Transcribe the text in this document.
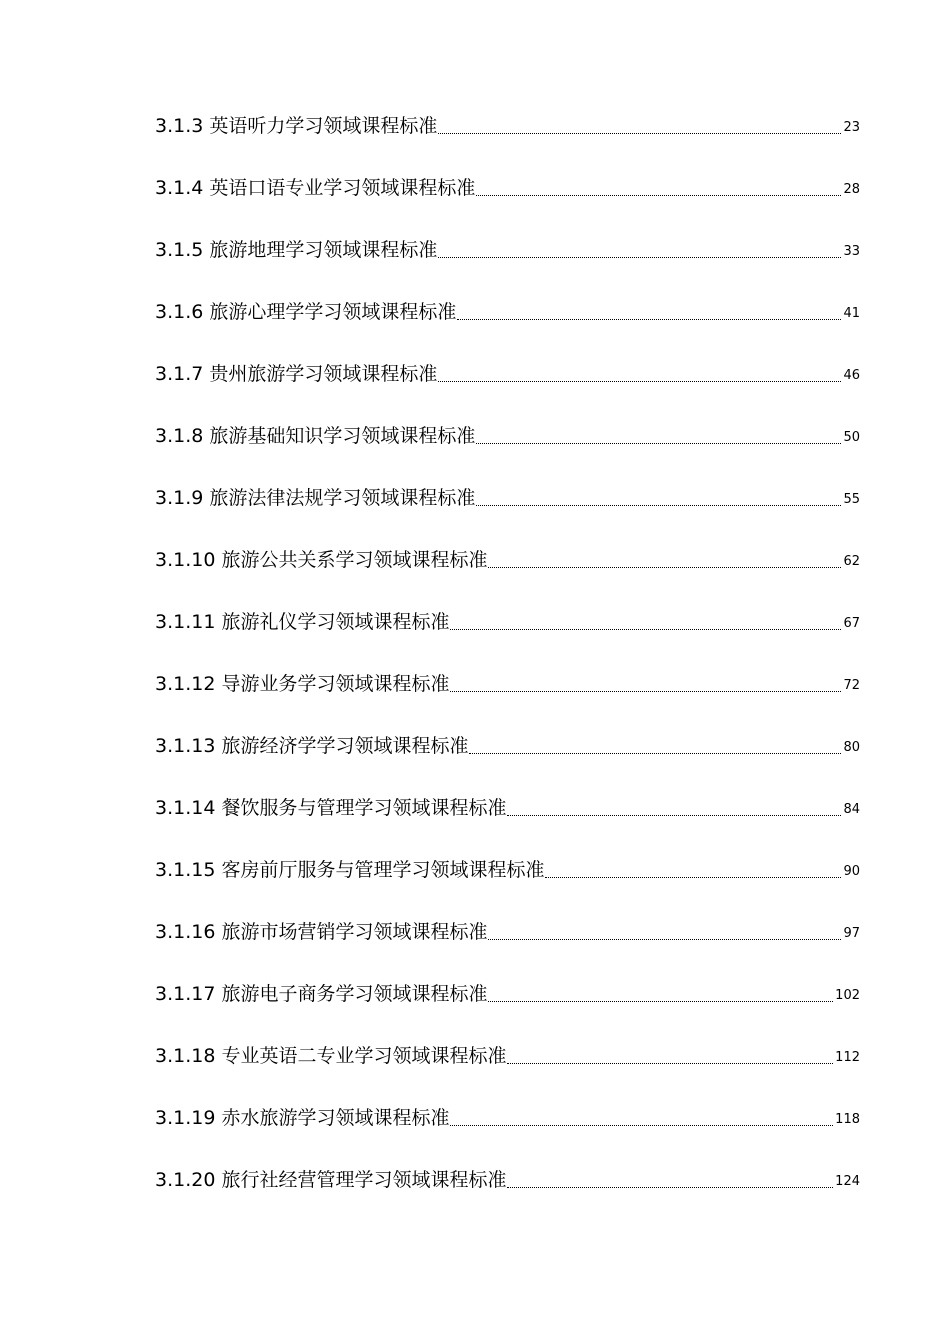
3.1.3 英语听力学习领域课程标准	23
3.1.4 英语口语专业学习领域课程标准	28
3.1.5 旅游地理学习领域课程标准	33
3.1.6 旅游心理学学习领域课程标准	41
3.1.7 贵州旅游学习领域课程标准	46
3.1.8 旅游基础知识学习领域课程标准	50
3.1.9 旅游法律法规学习领域课程标准	55
3.1.10 旅游公共关系学习领域课程标准	62
3.1.11 旅游礼仪学习领域课程标准	67
3.1.12 导游业务学习领域课程标准	72
3.1.13 旅游经济学学习领域课程标准	80
3.1.14 餐饮服务与管理学习领域课程标准	84
3.1.15 客房前厅服务与管理学习领域课程标准	90
3.1.16 旅游市场营销学习领域课程标准	97
3.1.17 旅游电子商务学习领域课程标准	102
3.1.18 专业英语二专业学习领域课程标准	112
3.1.19 赤水旅游学习领域课程标准	118
3.1.20 旅行社经营管理学习领域课程标准	124
